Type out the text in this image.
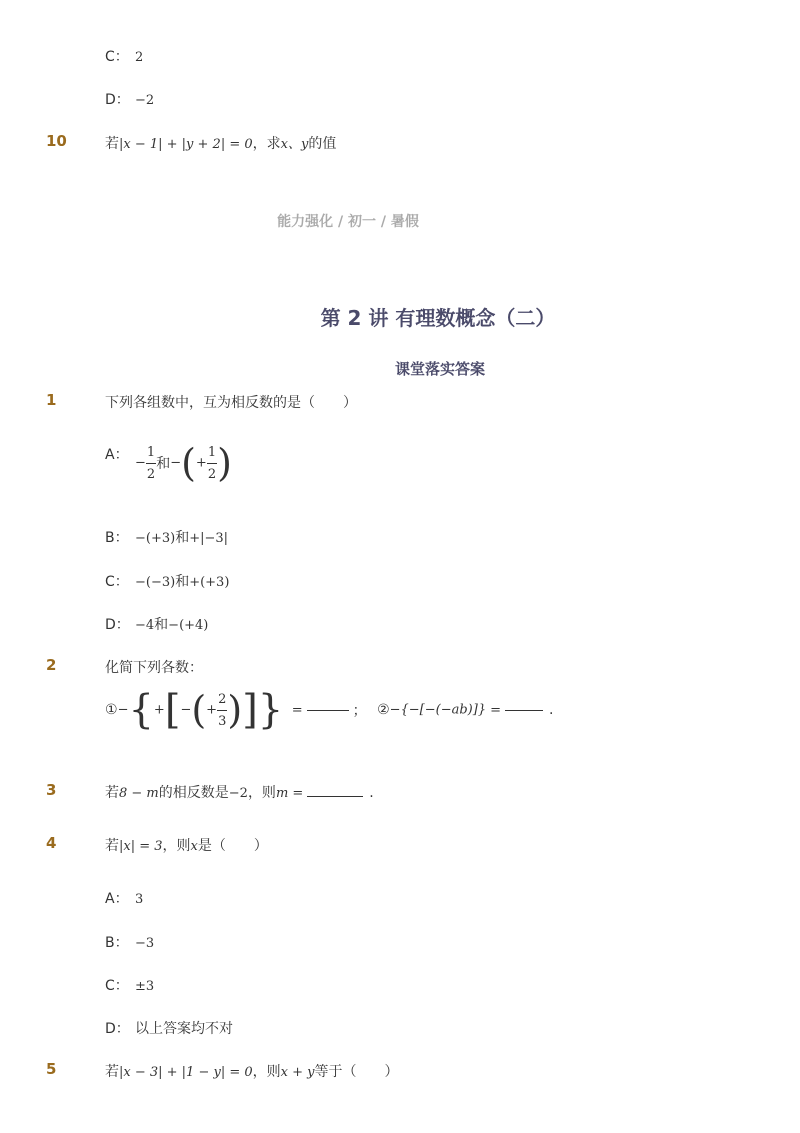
C： 2
D： −2
10	若|x − 1| + |y + 2| = 0，求x、y的值
能力强化 / 初一 / 暑假
第 2 讲 有理数概念（二）
课堂落实答案
1	下列各组数中，互为相反数的是（　　）
A： − $\frac{1}{2}$ 和−(+ $\frac{1}{2}$ )
B： −(+3)和+|−3|
C： −(−3)和+(+3)
D： −4和−(+4)
2	化简下列各数：
①−{+[−(+ $\frac{2}{3}$ )]} =	； ②−{−[−(−ab)]} =	.
3	若8 − m的相反数是−2，则m =	.
4	若|x| = 3，则x是（　　）
A： 3
B： −3
C： ±3
D： 以上答案均不对
5	若|x − 3| + |1 − y| = 0，则x + y等于（　　）
